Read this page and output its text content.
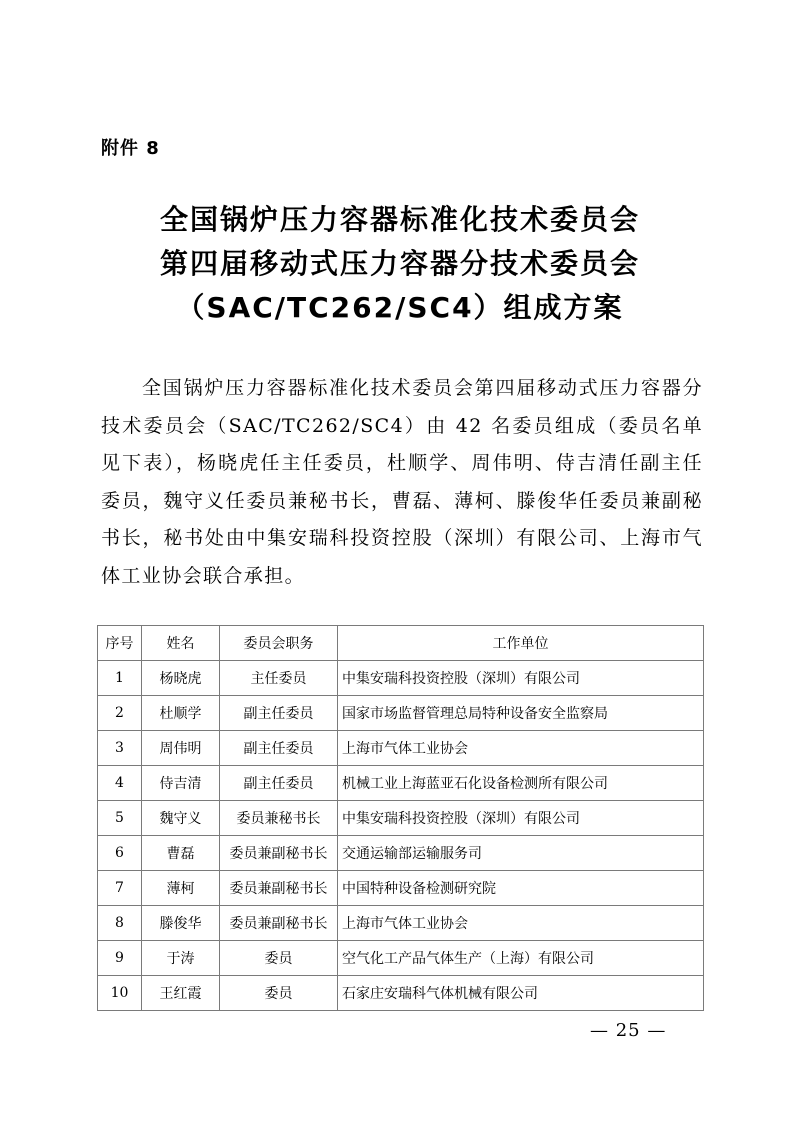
附件 8
全国锅炉压力容器标准化技术委员会
第四届移动式压力容器分技术委员会
（SAC/TC262/SC4）组成方案

全国锅炉压力容器标准化技术委员会第四届移动式压力容器分技术委员会（SAC/TC262/SC4）由 42 名委员组成（委员名单见下表），杨晓虎任主任委员，杜顺学、周伟明、侍吉清任副主任委员，魏守义任委员兼秘书长，曹磊、薄柯、滕俊华任委员兼副秘书长，秘书处由中集安瑞科投资控股（深圳）有限公司、上海市气体工业协会联合承担。

序号	姓名	委员会职务	工作单位
1	杨晓虎	主任委员	中集安瑞科投资控股（深圳）有限公司
2	杜顺学	副主任委员	国家市场监督管理总局特种设备安全监察局
3	周伟明	副主任委员	上海市气体工业协会
4	侍吉清	副主任委员	机械工业上海蓝亚石化设备检测所有限公司
5	魏守义	委员兼秘书长	中集安瑞科投资控股（深圳）有限公司
6	曹磊	委员兼副秘书长	交通运输部运输服务司
7	薄柯	委员兼副秘书长	中国特种设备检测研究院
8	滕俊华	委员兼副秘书长	上海市气体工业协会
9	于涛	委员	空气化工产品气体生产（上海）有限公司
10	王红霞	委员	石家庄安瑞科气体机械有限公司
— 25 —
